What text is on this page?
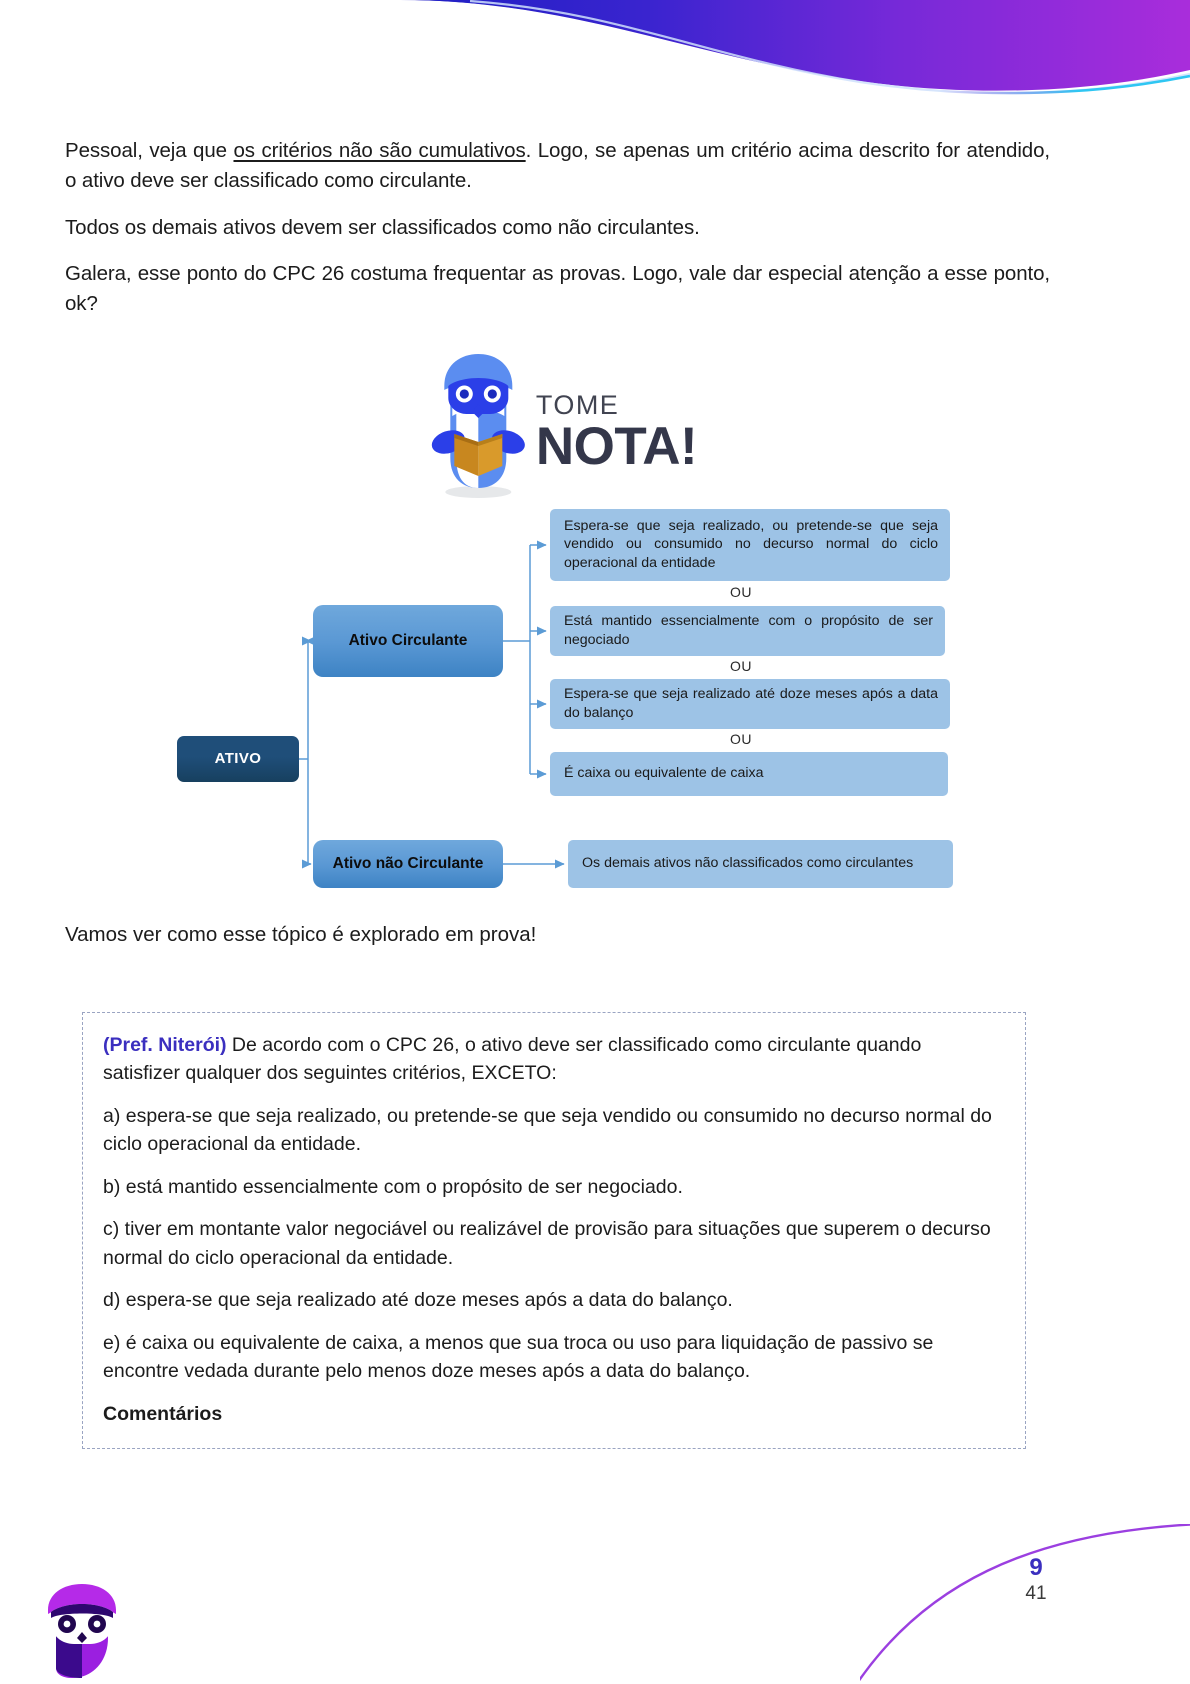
Pessoal, veja que os critérios não são cumulativos. Logo, se apenas um critério acima descrito for atendido, o ativo deve ser classificado como circulante.

Todos os demais ativos devem ser classificados como não circulantes.

Galera, esse ponto do CPC 26 costuma frequentar as provas. Logo, vale dar especial atenção a esse ponto, ok?

TOME
NOTA!
ATIVO
Ativo Circulante
Ativo não Circulante
Espera-se que seja realizado, ou pretende-se que seja vendido ou consumido no decurso normal do ciclo operacional da entidade
Está mantido essencialmente com o propósito de ser negociado
Espera-se que seja realizado até doze meses após a data do balanço
É caixa ou equivalente de caixa
Os demais ativos não classificados como circulantes
OU
OU
OU

Vamos ver como esse tópico é explorado em prova!

(Pref. Niterói) De acordo com o CPC 26, o ativo deve ser classificado como circulante quando satisfizer qualquer dos seguintes critérios, EXCETO:

a) espera-se que seja realizado, ou pretende-se que seja vendido ou consumido no decurso normal do ciclo operacional da entidade.

b) está mantido essencialmente com o propósito de ser negociado.

c) tiver em montante valor negociável ou realizável de provisão para situações que superem o decurso normal do ciclo operacional da entidade.

d) espera-se que seja realizado até doze meses após a data do balanço.

e) é caixa ou equivalente de caixa, a menos que sua troca ou uso para liquidação de passivo se encontre vedada durante pelo menos doze meses após a data do balanço.

Comentários

9
41
